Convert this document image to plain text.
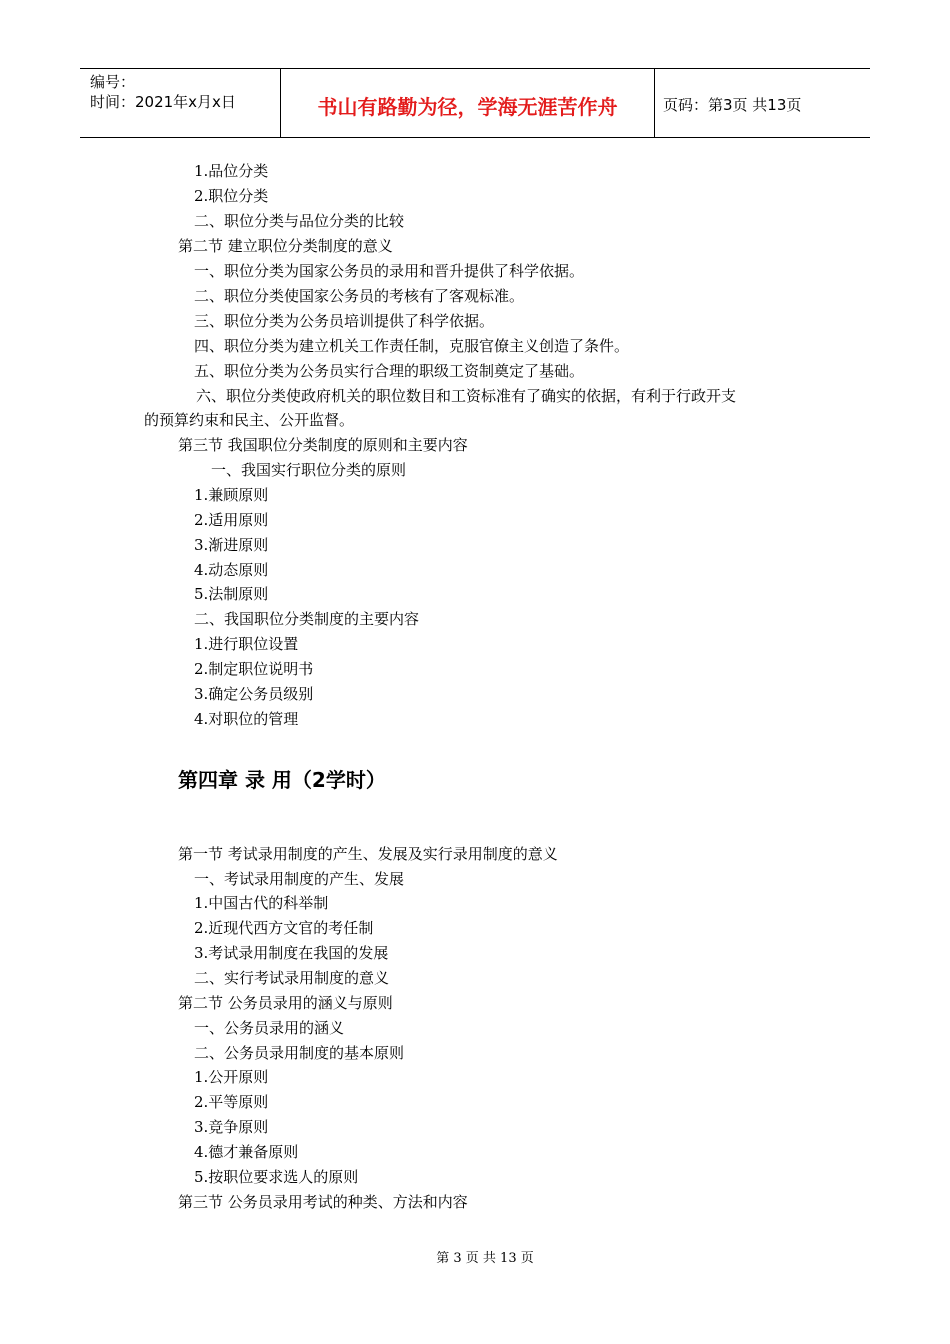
编号：
时间：2021年x月x日	书山有路勤为径，学海无涯苦作舟	页码：第3页 共13页
1.品位分类
2.职位分类
二、职位分类与品位分类的比较
第二节 建立职位分类制度的意义
一、职位分类为国家公务员的录用和晋升提供了科学依据。
二、职位分类使国家公务员的考核有了客观标准。
三、职位分类为公务员培训提供了科学依据。
四、职位分类为建立机关工作责任制，克服官僚主义创造了条件。
五、职位分类为公务员实行合理的职级工资制奠定了基础。
六、职位分类使政府机关的职位数目和工资标准有了确实的依据，有利于行政开支
的预算约束和民主、公开监督。
第三节 我国职位分类制度的原则和主要内容
一、我国实行职位分类的原则
1.兼顾原则
2.适用原则
3.渐进原则
4.动态原则
5.法制原则
二、我国职位分类制度的主要内容
1.进行职位设置
2.制定职位说明书
3.确定公务员级别
4.对职位的管理
第四章 录 用（2学时）
第一节 考试录用制度的产生、发展及实行录用制度的意义
一、考试录用制度的产生、发展
1.中国古代的科举制
2.近现代西方文官的考任制
3.考试录用制度在我国的发展
二、实行考试录用制度的意义
第二节 公务员录用的涵义与原则
一、公务员录用的涵义
二、公务员录用制度的基本原则
1.公开原则
2.平等原则
3.竞争原则
4.德才兼备原则
5.按职位要求选人的原则
第三节 公务员录用考试的种类、方法和内容
第 3 页 共 13 页
